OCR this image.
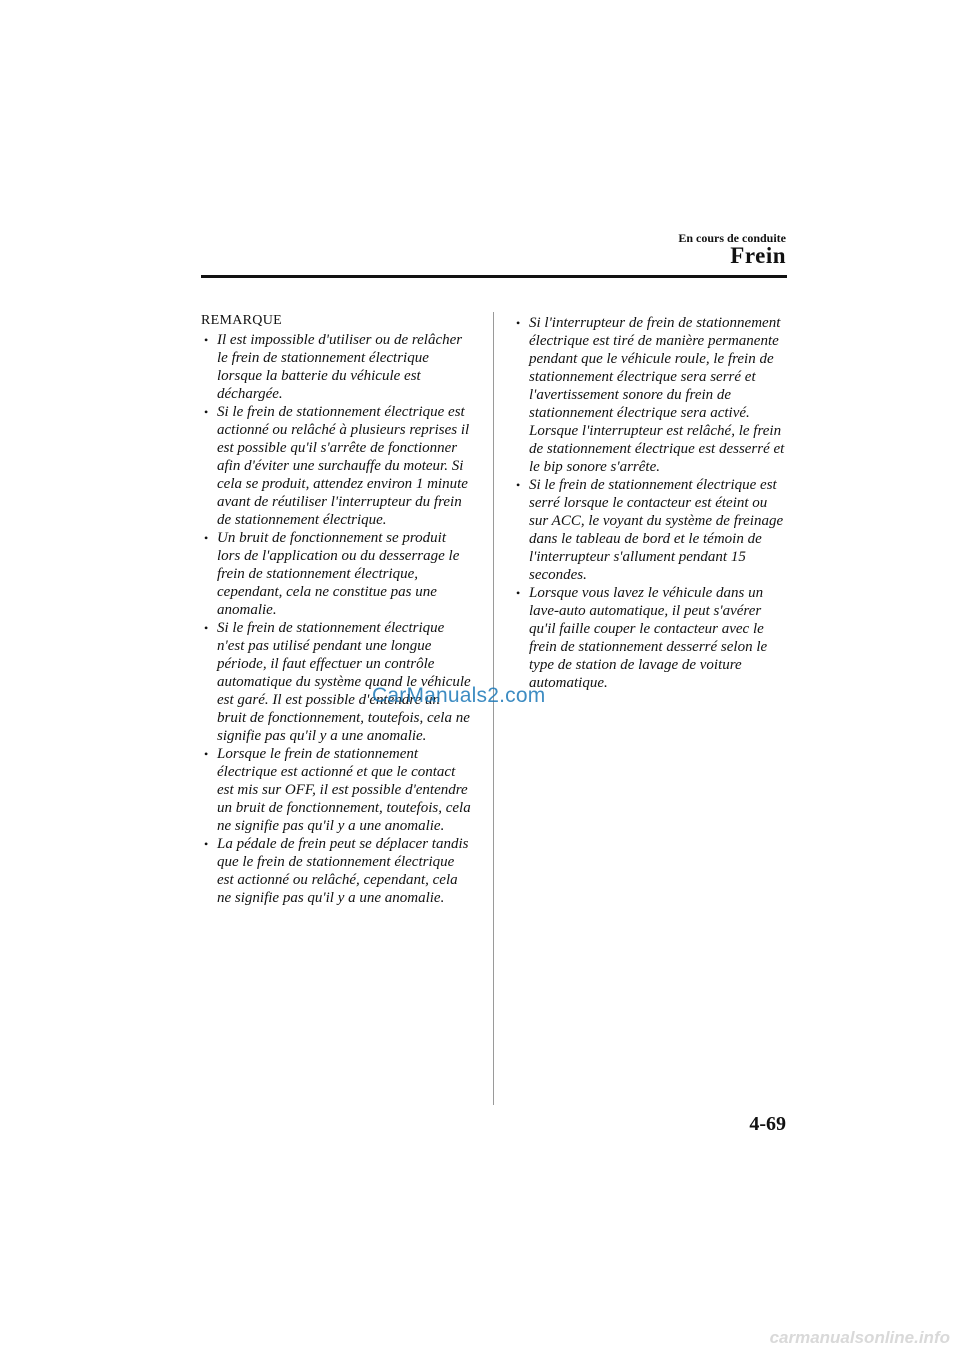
En cours de conduite
Frein
REMARQUE
• Il est impossible d'utiliser ou de relâcher le frein de stationnement électrique lorsque la batterie du véhicule est déchargée.
• Si le frein de stationnement électrique est actionné ou relâché à plusieurs reprises il est possible qu'il s'arrête de fonctionner afin d'éviter une surchauffe du moteur. Si cela se produit, attendez environ 1 minute avant de réutiliser l'interrupteur du frein de stationnement électrique.
• Un bruit de fonctionnement se produit lors de l'application ou du desserrage le frein de stationnement électrique, cependant, cela ne constitue pas une anomalie.
• Si le frein de stationnement électrique n'est pas utilisé pendant une longue période, il faut effectuer un contrôle automatique du système quand le véhicule est garé. Il est possible d'entendre un bruit de fonctionnement, toutefois, cela ne signifie pas qu'il y a une anomalie.
• Lorsque le frein de stationnement électrique est actionné et que le contact est mis sur OFF, il est possible d'entendre un bruit de fonctionnement, toutefois, cela ne signifie pas qu'il y a une anomalie.
• La pédale de frein peut se déplacer tandis que le frein de stationnement électrique est actionné ou relâché, cependant, cela ne signifie pas qu'il y a une anomalie.
• Si l'interrupteur de frein de stationnement électrique est tiré de manière permanente pendant que le véhicule roule, le frein de stationnement électrique sera serré et l'avertissement sonore du frein de stationnement électrique sera activé. Lorsque l'interrupteur est relâché, le frein de stationnement électrique est desserré et le bip sonore s'arrête.
• Si le frein de stationnement électrique est serré lorsque le contacteur est éteint ou sur ACC, le voyant du système de freinage dans le tableau de bord et le témoin de l'interrupteur s'allument pendant 15 secondes.
• Lorsque vous lavez le véhicule dans un lave-auto automatique, il peut s'avérer qu'il faille couper le contacteur avec le frein de stationnement desserré selon le type de station de lavage de voiture automatique.
CarManuals2.com
4-69
carmanualsonline.info
